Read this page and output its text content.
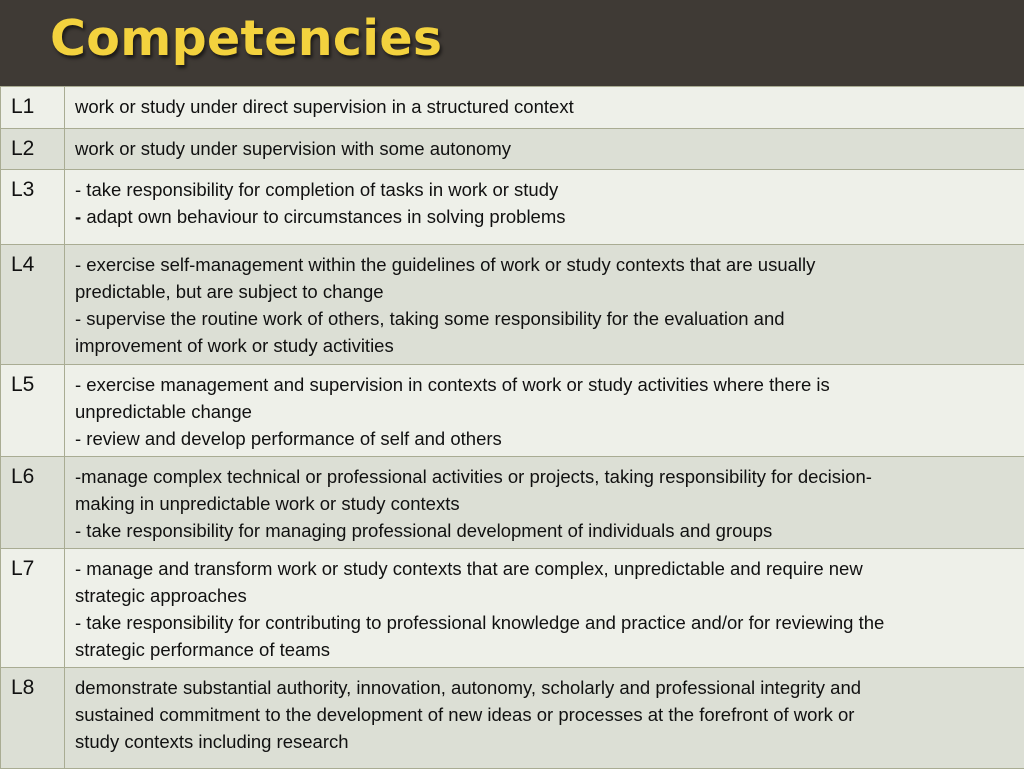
Competencies
L1	work or study under direct supervision in a structured context

L2	work or study under supervision with some autonomy

L3	- take responsibility for completion of tasks in work or study
- adapt own behaviour to circumstances in solving problems

L4	- exercise self-management within the guidelines of work or study contexts that are usually
predictable, but are subject to change
- supervise the routine work of others, taking some responsibility for the evaluation and
improvement of work or study activities

L5	- exercise management and supervision in contexts of work or study activities where there is
unpredictable change
- review and develop performance of self and others

L6	-manage complex technical or professional activities or projects, taking responsibility for decision-
making in unpredictable work or study contexts
- take responsibility for managing professional development of individuals and groups

L7	- manage and transform work or study contexts that are complex, unpredictable and require new
strategic approaches
- take responsibility for contributing to professional knowledge and practice and/or for reviewing the
strategic performance of teams

L8	demonstrate substantial authority, innovation, autonomy, scholarly and professional integrity and
sustained commitment to the development of new ideas or processes at the forefront of work or
study contexts including research
